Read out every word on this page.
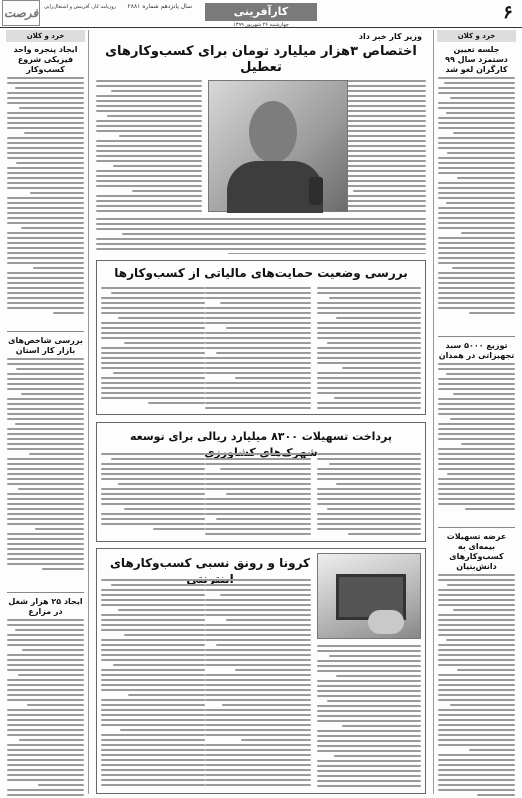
۶
سال پانزدهم شماره ۲۸۸۱	کارآفرینی
چهارشنبه ۲۶ شهریور ۱۳۹۹
روزنامه کار، آفرینش و اشتغال‌زایی
فرصت
خرد و کلان
جلسه تعیین دستمزد سال ۹۹ کارگران لغو شد
توزیع ۵۰۰۰ سبد تجهیزاتی در همدان
عرضه تسهیلات بیمه‌ای به کسب‌وکارهای دانش‌بنیان
خرد و کلان
ایجاد پنجره واحد فیزیکی شروع کسب‌وکار
بررسی شاخص‌های بازار کار استان
ایجاد ۲۵ هزار شغل در مزارع
وزیر کار خبر داد
اختصاص ۳هزار میلیارد تومان برای کسب‌وکارهای تعطیل
بررسی وضعیت حمایت‌های مالیاتی از کسب‌وکارها
پرداخت تسهیلات ۸۳۰۰ میلیارد ریالی برای توسعه
کرونا و رونق نسبی کسب‌وکارهای
